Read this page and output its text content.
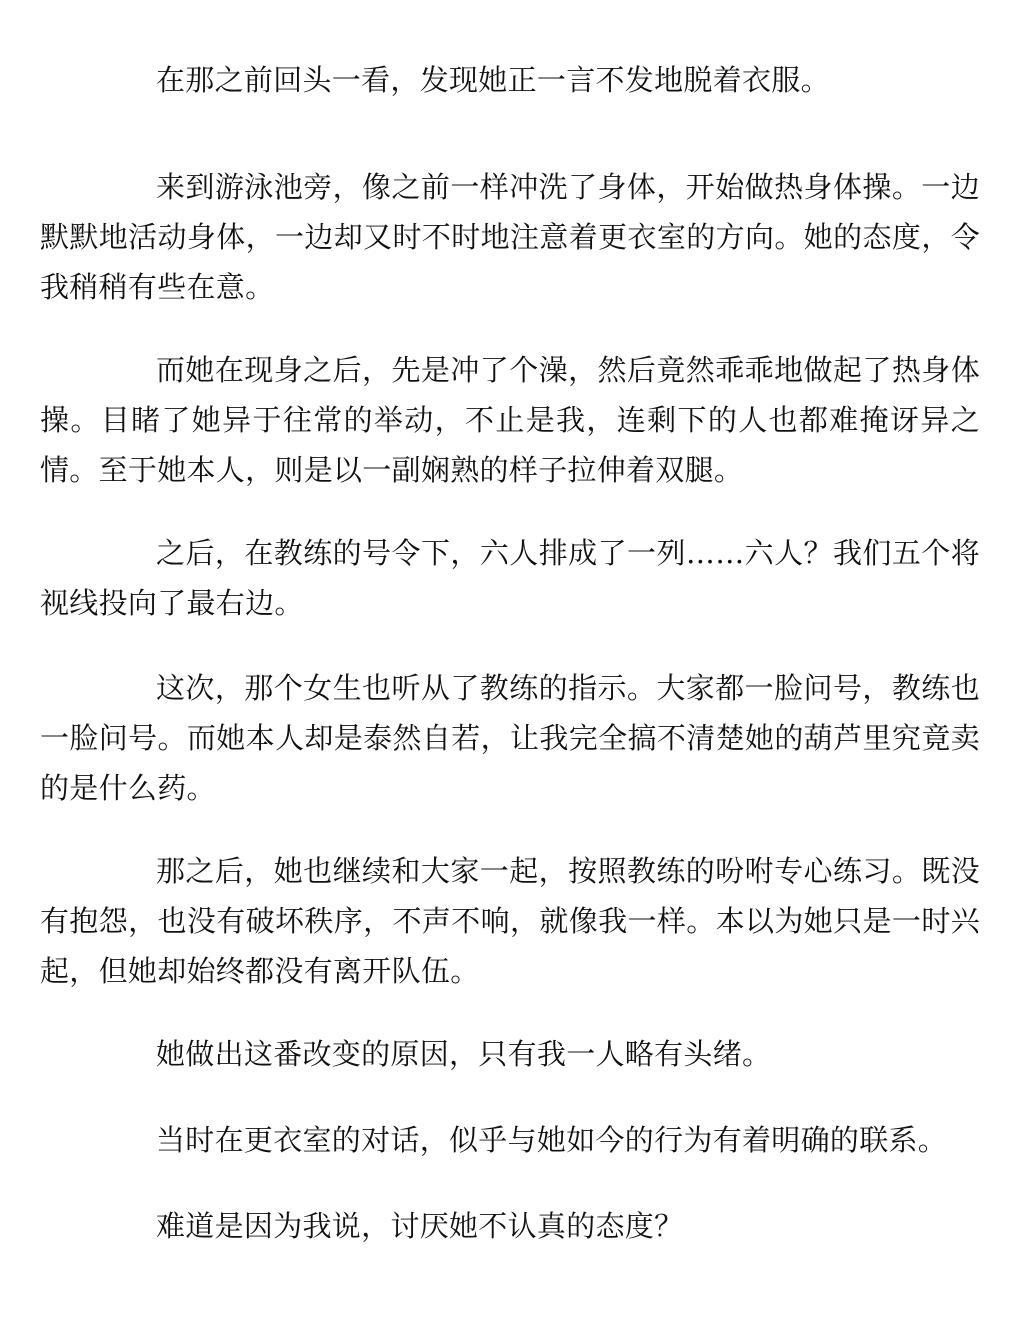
在那之前回头一看，发现她正一言不发地脱着衣服。

来到游泳池旁，像之前一样冲洗了身体，开始做热身体操。一边默默地活动身体，一边却又时不时地注意着更衣室的方向。她的态度，令我稍稍有些在意。

而她在现身之后，先是冲了个澡，然后竟然乖乖地做起了热身体操。目睹了她异于往常的举动，不止是我，连剩下的人也都难掩讶异之情。至于她本人，则是以一副娴熟的样子拉伸着双腿。

之后，在教练的号令下，六人排成了一列……六人？我们五个将视线投向了最右边。

这次，那个女生也听从了教练的指示。大家都一脸问号，教练也一脸问号。而她本人却是泰然自若，让我完全搞不清楚她的葫芦里究竟卖的是什么药。

那之后，她也继续和大家一起，按照教练的吩咐专心练习。既没有抱怨，也没有破坏秩序，不声不响，就像我一样。本以为她只是一时兴起，但她却始终都没有离开队伍。

她做出这番改变的原因，只有我一人略有头绪。

当时在更衣室的对话，似乎与她如今的行为有着明确的联系。

难道是因为我说，讨厌她不认真的态度？
